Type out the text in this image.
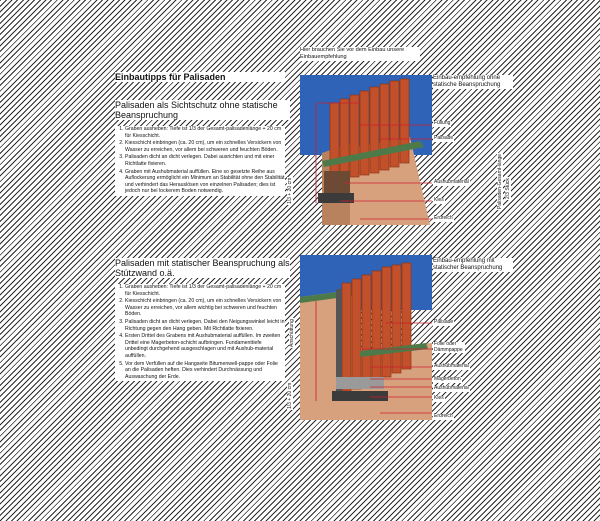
Einbautipps für Palisaden
Palisaden als Sichtschutz ohne statische Beanspruchung
1. Graben ausheben: Tiefe ist 1/3 der Gesamt-palisadenlänge + 20 cm für Kiesschicht.
2. Kiesschicht einbringen (ca. 20 cm), um ein schnelles Versickern von Wasser zu erreichen, vor allem bei schweren und feuchten Böden.
3. Palisaden dicht an dicht verlegen. Dabei ausrichten und mit einer Richtlatte fixieren.
4. Graben mit Aushubmaterial auffüllen. Eine so gesetzte Reihe aus Auflockerung ermöglicht ein Minimum an Stabilität ohne den Stabilität und verhindert das Herauslösen von einzelnen Palisaden; dies ist jedoch nur bei lockerem Boden notwendig.
Palisaden mit statischer Beanspruchung als Stützwand o.ä.
1. Graben ausheben: Tiefe ist 1/3 der Gesamt-palisadenlänge + 20 cm für Kiesschicht.
2. Kiesschicht einbringen (ca. 20 cm), um ein schnelles Versickern von Wasser zu erreichen, vor allem wichtig bei schweren und feuchten Böden.
3. Palisaden dicht an dicht verlegen. Dabei den Neigungswinkel leicht in Richtung gegen den Hang geben. Mit Richtlatte fixieren.
4. Ersten Drittel des Grabens mit Aushubmaterial auffüllen. Im zweiten Drittel eine Magerbeton-schicht aufbringen. Fundamenttiefe unbedingt durchgehend ausgeschlagen und mit Aushub-material auffüllen.
5. Vor dem Verfüllen auf die Hangseite Bitumenwell-pappe oder Folie an die Palisaden heften. Dies verhindert Durchnässung und Auswaschung der Erde.
Hier brauchen Sie vor dem Einbau unsere Einbauempfehlung
Einbau-empfehlung ohne statische Beanspruchung
Füllung
Palisade
Aushubmaterial
Kies
Erdreich
1/3 + 20 cm	Palisaden-Gesamt-länge 2/3 Stück
Einbau-empfehlung mit statischer Beanspruchung
Palisade
Folie oder Dämmpappe
Aushubmaterial
Magerbeton
Aushubmaterial
Kies
Erdreich
Anschüttung
1/3 + 20 cm
